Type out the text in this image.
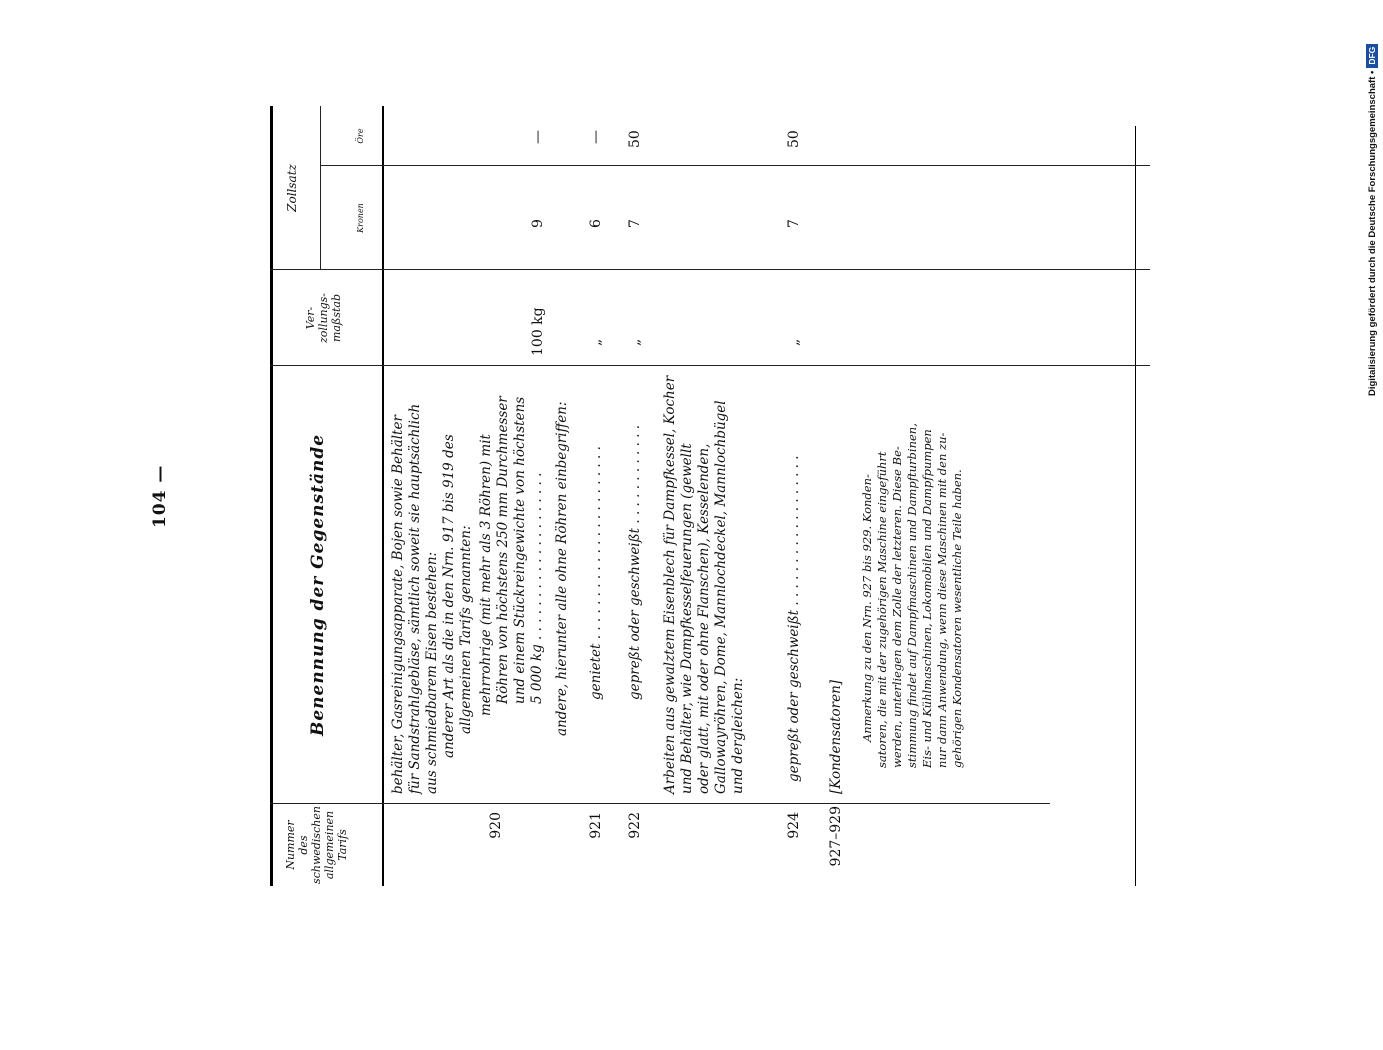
Digitalisierung gefördert durch die Deutsche Forschungsgemeinschaft •DFG
104 —
Nummer des schwedischen allgemeinen Tarifs
Benennung der Gegenstände
Ver- zollungs- maßstab
Zollsatz
Kronen
Öre
behälter, Gasreinigungsapparate, Bojen sowie Behälter für Sandstrahlgebläse, sämtlich soweit sie hauptsächlich aus schmiedbarem Eisen bestehen: anderer Art als die in den Nrn. 917 bis 919 des allgemeinen Tarifs genannten:
920
mehrrohrige (mit mehr als 3 Röhren) mit Röhren von höchstens 250 mm Durchmesser und einem Stückreingewichte von höchstens 5 000 kg . . . . . . . . . . . . . . . . . . . .
100 kg
9
—
andere, hierunter alle ohne Röhren einbegriffen:
921
genietet . . . . . . . . . . . . . . . . . . . . . . .
„
6
—
922
gepreßt oder geschweißt . . . . . . . . . . . .
„
7
50
Arbeiten aus gewalztem Eisenblech für Dampfkessel, Kocher und Behälter, wie Dampfkesselfeuerungen (gewellt oder glatt, mit oder ohne Flanschen), Kesselenden, Gallowayröhren, Dome, Mannlochdeckel, Mannlochbügel und dergleichen:
924
gepreßt oder geschweißt . . . . . . . . . . . . . . . . . .
„
7
50
927–929
[Kondensatoren] Anmerkung zu den Nrn. 927 bis 929. Konden- satoren, die mit der zugehörigen Maschine eingeführt werden, unterliegen dem Zolle der letzteren. Diese Be- stimmung findet auf Dampfmaschinen und Dampfturbinen, Eis- und Kühlmaschinen, Lokomobilen und Dampfpumpen nur dann Anwendung, wenn diese Maschinen mit den zu- gehörigen Kondensatoren wesentliche Teile haben.
